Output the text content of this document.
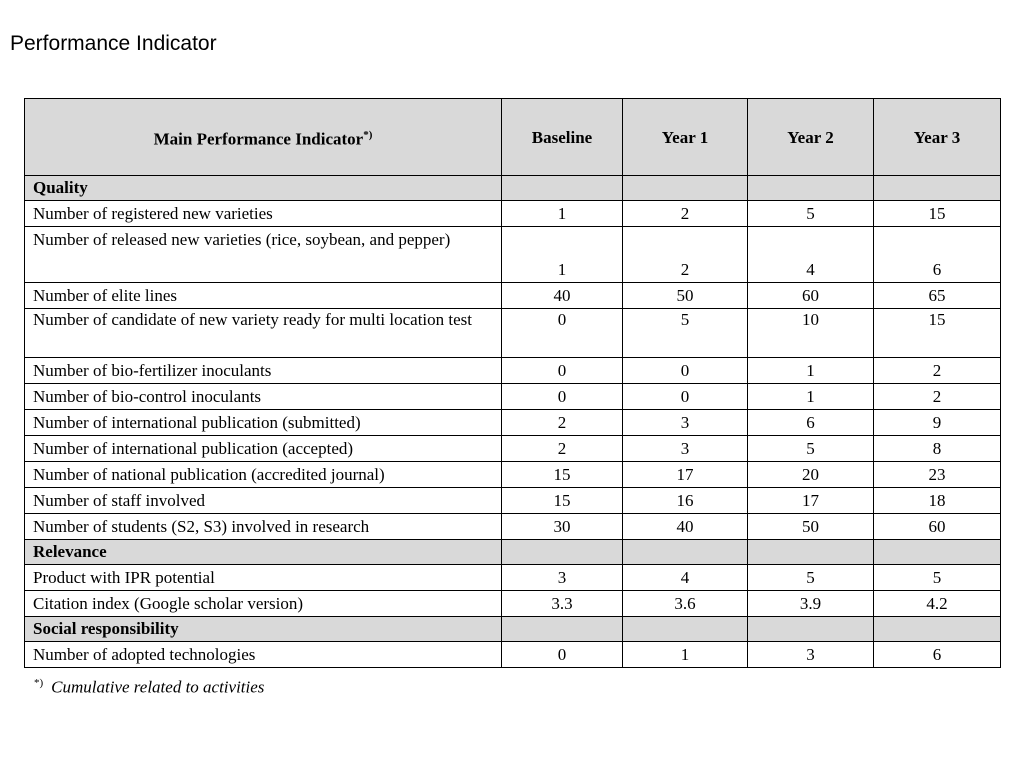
Performance Indicator
Main Performance Indicator*)	Baseline	Year 1	Year 2	Year 3
Quality				
Number of registered new varieties	1	2	5	15
Number of released new varieties (rice, soybean, and pepper)	1	2	4	6
Number of elite lines	40	50	60	65
Number of candidate of new variety ready for multi location test	0	5	10	15
Number of bio-fertilizer inoculants	0	0	1	2
Number of bio-control inoculants	0	0	1	2
Number of international publication (submitted)	2	3	6	9
Number of international publication (accepted)	2	3	5	8
Number of national publication (accredited journal)	15	17	20	23
Number of staff involved	15	16	17	18
Number of students (S2, S3) involved in research	30	40	50	60
Relevance				
Product with IPR potential	3	4	5	5
Citation index (Google scholar version)	3.3	3.6	3.9	4.2
Social responsibility				
Number of adopted technologies	0	1	3	6
*) Cumulative related to activities
